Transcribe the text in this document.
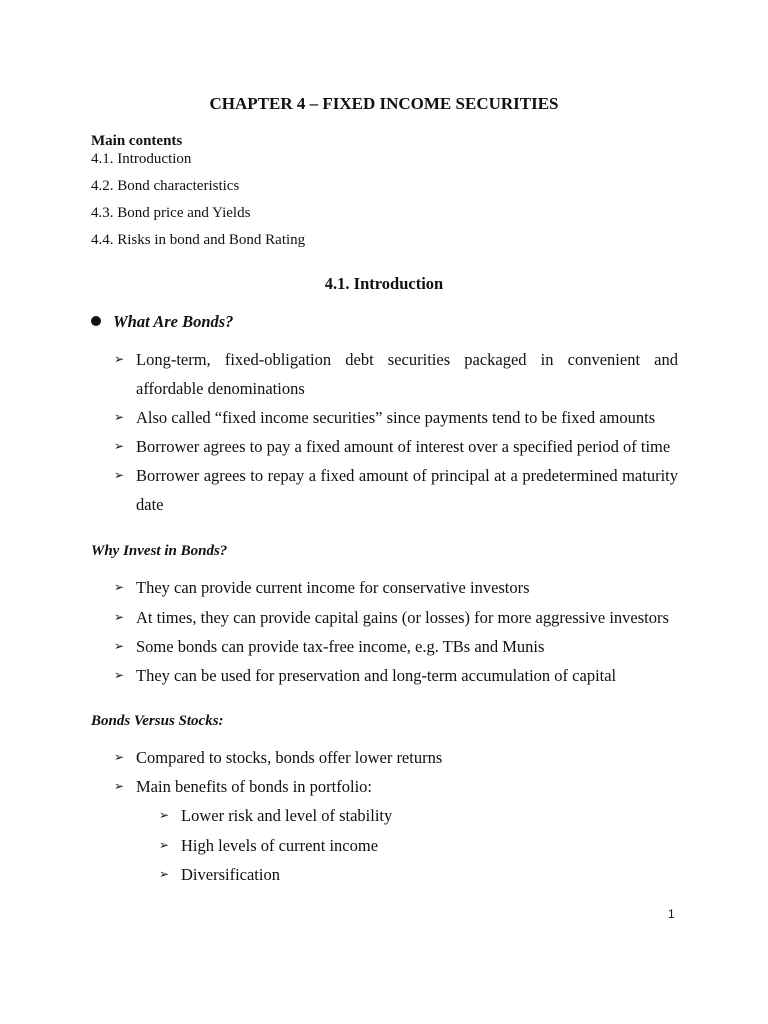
CHAPTER 4 – FIXED INCOME SECURITIES
Main contents
4.1. Introduction
4.2. Bond characteristics
4.3. Bond price and Yields
4.4. Risks in bond and Bond Rating
4.1. Introduction
What Are Bonds?
➢ Long-term, fixed-obligation debt securities packaged in convenient and affordable denominations
➢ Also called “fixed income securities” since payments tend to be fixed amounts
➢ Borrower agrees to pay a fixed amount of interest over a specified period of time
➢ Borrower agrees to repay a fixed amount of principal at a predetermined maturity date
Why Invest in Bonds?
➢ They can provide current income for conservative investors
➢ At times, they can provide capital gains (or losses) for more aggressive investors
➢ Some bonds can provide tax-free income, e.g. TBs and Munis
➢ They can be used for preservation and long-term accumulation of capital
Bonds Versus Stocks:
➢ Compared to stocks, bonds offer lower returns
➢ Main benefits of bonds in portfolio:
➢ Lower risk and level of stability
➢ High levels of current income
➢ Diversification
1
